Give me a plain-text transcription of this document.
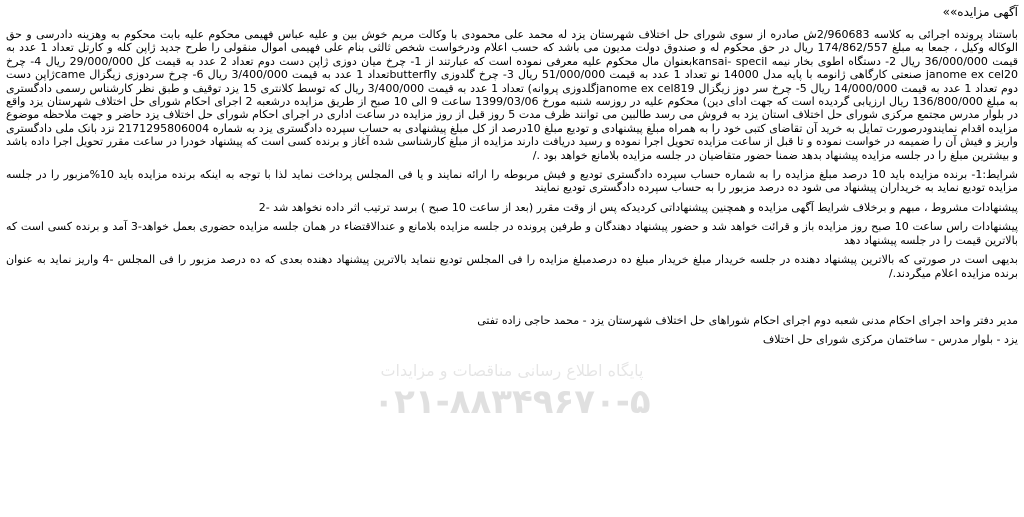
آگهی مزایده»»

باستناد پرونده اجرائی به کلاسه 2/960683ش صادره از سوی شورای حل اختلاف شهرستان یزد له محمد علی محمودی با وکالت مریم خوش بین و علیه عباس فهیمی محکوم علیه بابت محکوم به وهزینه دادرسی و حق الوکاله وکیل ، جمعا به مبلغ 174/862/557 ریال در حق محکوم له و صندوق دولت مدیون می باشد که حسب اعلام ودرخواست شخص ثالثی بنام علی فهیمی اموال منقولی را طرح جدید ژاپن کله و کارتل تعداد 1 عدد به قیمت 36/000/000 ریال 2- دستگاه اطوی بخار نیمه kansai- specilبعنوان مال محکوم علیه معرفی نموده است که عبارتند از 1- چرخ میان دوزی ژاپن دست دوم تعداد 2 عدد به قیمت کل 29/000/000 ریال 4- چرخ janome ex cel20 صنعتی کارگاهی ژانومه با پایه مدل 14000 نو تعداد 1 عدد به قیمت 51/000/000 ریال 3- چرخ گلدوزی butterflyتعداد 1 عدد به قیمت 3/400/000 ریال 6- چرخ سردوزی زیگزال cameژاپن دست دوم تعداد 1 عدد به قیمت 14/000/000 ریال 5- چرخ سر دوز زیگزال janome ex cel819گلدوزی پروانه) تعداد 1 عدد به قیمت 3/400/000 ریال که توسط کلانتری 15 یزد توقیف و طبق نظر کارشناس رسمی دادگستری به مبلغ 136/800/000 ریال ارزیابی گردیده است که جهت ادای دین) محکوم علیه در روزسه شنبه مورخ 1399/03/06 ساعت 9 الی 10 صبح از طریق مزایده درشعبه 2 اجرای احکام شورای حل اختلاف شهرستان یزد واقع در بلوار مدرس مجتمع مرکزی شورای حل اختلاف استان یزد به فروش می رسد طالبین می توانند ظرف مدت 5 روز قبل از روز مزایده در ساعت اداری در اجرای احکام شورای حل اختلاف یزد حاضر و جهت ملاحظه موضوع مزایده اقدام نمایندودرصورت تمایل به خرید آن تقاضای کتبی خود را به همراه مبلغ پیشنهادی و تودیع مبلغ 10درصد از کل مبلغ پیشنهادی به حساب سپرده دادگستری یزد به شماره 2171295806004 نزد بانک ملی دادگستری واریز و فیش آن را ضمیمه در خواست نموده و تا قبل از ساعت مزایده تحویل اجرا نموده و رسید دریافت دارند مزایده از مبلغ کارشناسی شده آغاز و برنده کسی است که پیشنهاد خودرا در ساعت مقرر تحویل اجرا داده باشد و بیشترین مبلغ را در جلسه مزایده پیشنهاد بدهد ضمنا حضور متقاضیان در جلسه مزایده بلامانع خواهد بود ./

شرایط:1- برنده مزایده باید 10 درصد مبلغ مزایده را به شماره حساب سپرده دادگستری تودیع و فیش مربوطه را ارائه نمایند و یا فی المجلس پرداخت نماید لذا با توجه به اینکه برنده مزایده باید 10%مزبور را در جلسه مزایده تودیع نماید به خریداران پیشنهاد می شود ده درصد مزبور را به حساب سپرده دادگستری تودیع نمایند

پیشنهادات مشروط ، مبهم و برخلاف شرایط آگهی مزایده و همچنین پیشنهاداتی کردیدکه پس از وقت مقرر (بعد از ساعت 10 صبح ) برسد ترتیب اثر داده نخواهد شد -2

پیشنهادات راس ساعت 10 صبح روز مزایده باز و قرائت خواهد شد و حضور پیشنهاد دهندگان و طرفین پرونده در جلسه مزایده بلامانع و عندالاقتضاء در همان جلسه مزایده حضوری بعمل خواهد-3 آمد و برنده کسی است که بالاترین قیمت را در جلسه پیشنهاد دهد

بدیهی است در صورتی که بالاترین پیشنهاد دهنده در جلسه خریدار مبلغ خریدار مبلغ ده درصدمبلغ مزایده را فی المجلس تودیع ننماید بالاترین پیشنهاد دهنده بعدی که ده درصد مزبور را فی المجلس -4 واریز نماید به عنوان برنده مزایده اعلام میگردند./

مدیر دفتر واحد اجرای احکام مدنی شعبه دوم اجرای احکام شوراهای حل اختلاف شهرستان یزد - محمد حاجی زاده تفتی

یزد - بلوار مدرس - ساختمان مرکزی شورای حل اختلاف

پایگاه اطلاع رسانی مناقصات و مزایدات
۰۲۱-۸۸۳۴۹۶۷۰-۵
